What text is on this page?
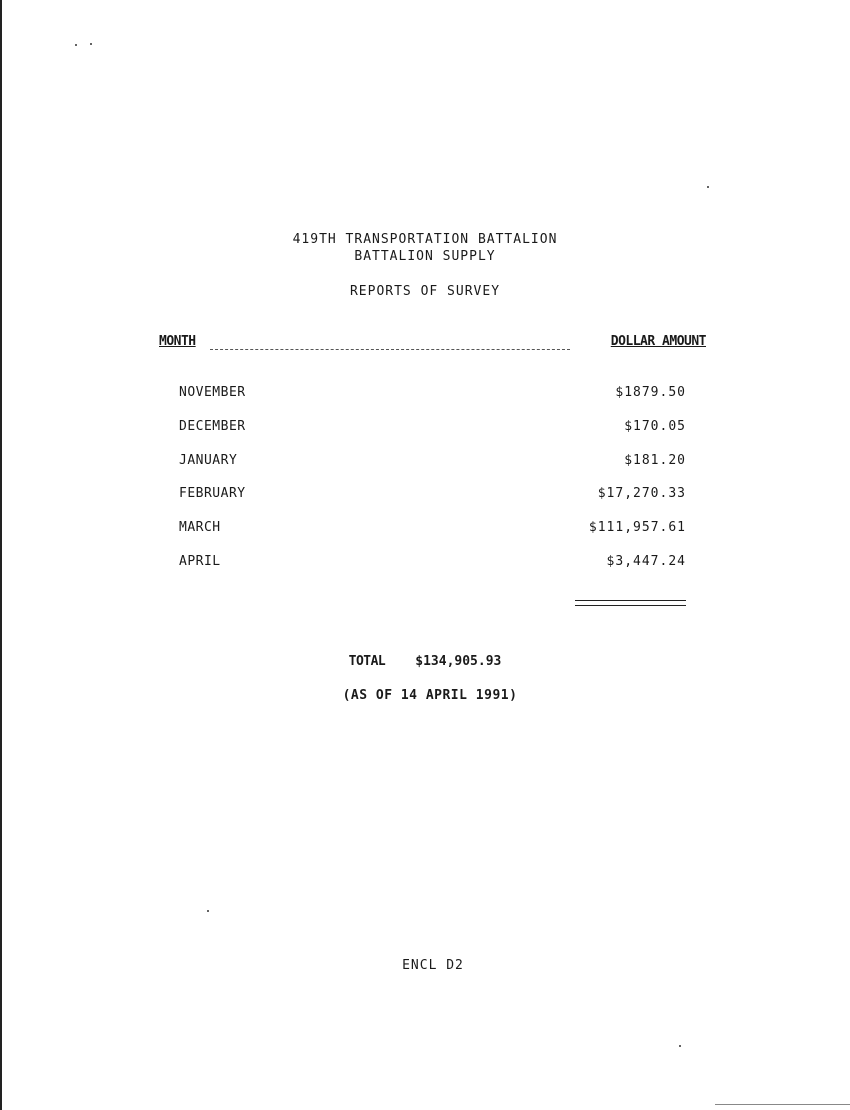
419TH TRANSPORTATION BATTALION
BATTALION SUPPLY
REPORTS OF SURVEY
MONTH	DOLLAR AMOUNT
NOVEMBER	$1879.50
DECEMBER	$170.05
JANUARY	$181.20
FEBRUARY	$17,270.33
MARCH	$111,957.61
APRIL	$3,447.24
TOTAL $134,905.93
(AS OF 14 APRIL 1991)
ENCL D2
